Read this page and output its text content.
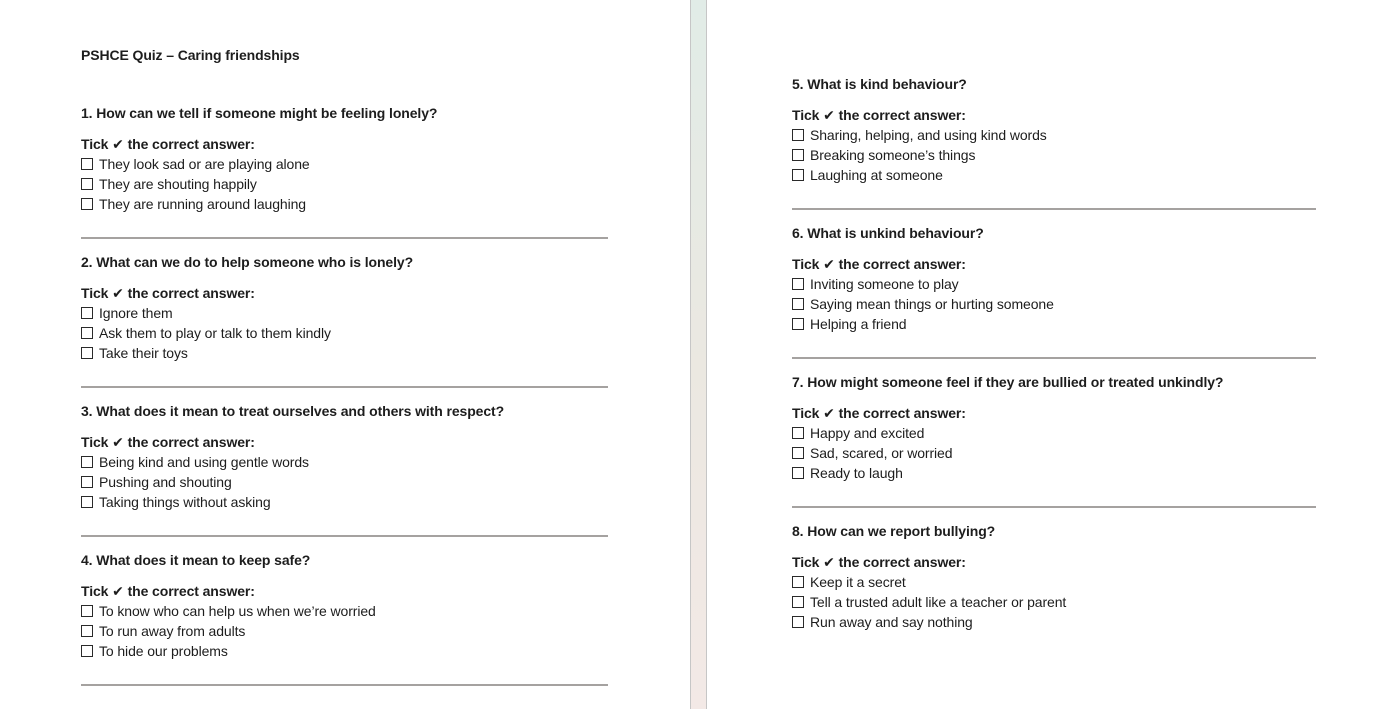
PSHCE Quiz – Caring friendships
1. How can we tell if someone might be feeling lonely?

Tick ✔ the correct answer:

They look sad or are playing alone

They are shouting happily

They are running around laughing

2. What can we do to help someone who is lonely?

Tick ✔ the correct answer:

Ignore them

Ask them to play or talk to them kindly

Take their toys

3. What does it mean to treat ourselves and others with respect?

Tick ✔ the correct answer:

Being kind and using gentle words

Pushing and shouting

Taking things without asking

4. What does it mean to keep safe?

Tick ✔ the correct answer:

To know who can help us when we’re worried

To run away from adults

To hide our problems

5. What is kind behaviour?

Tick ✔ the correct answer:

Sharing, helping, and using kind words

Breaking someone’s things

Laughing at someone

6. What is unkind behaviour?

Tick ✔ the correct answer:

Inviting someone to play

Saying mean things or hurting someone

Helping a friend

7. How might someone feel if they are bullied or treated unkindly?

Tick ✔ the correct answer:

Happy and excited

Sad, scared, or worried

Ready to laugh

8. How can we report bullying?

Tick ✔ the correct answer:

Keep it a secret

Tell a trusted adult like a teacher or parent

Run away and say nothing
